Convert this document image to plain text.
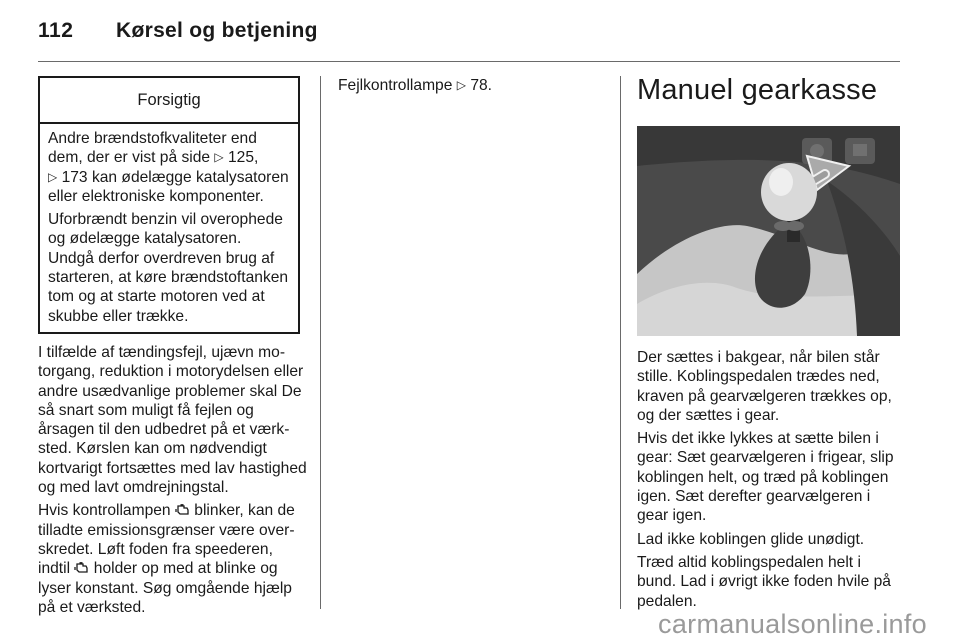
112 Kørsel og betjening
Forsigtig

Andre brændstofkvaliteter end dem, der er vist på side ▷ 125,
▷ 173 kan ødelægge katalysatoren eller elektroniske komponenter.

Uforbrændt benzin vil overophede og ødelægge katalysatoren. Undgå derfor overdreven brug af starteren, at køre brændstoftanken tom og at starte motoren ved at skubbe eller trække.

I tilfælde af tændingsfejl, ujævn motorgang, reduktion i motorydelsen eller andre usædvanlige problemer skal De så snart som muligt få fejlen og årsagen til den udbedret på et værksted. Kørslen kan om nødvendigt kortvarigt fortsættes med lav hastighed og med lavt omdrejningstal.

Hvis kontrollampen blinker, kan de tilladte emissionsgrænser være overskredet. Løft foden fra speederen, indtil holder op med at blinke og lyser konstant. Søg omgående hjælp på et værksted.

Fejlkontrollampe ▷ 78.	Manuel gearkasse

Der sættes i bakgear, når bilen står stille. Koblingspedalen trædes ned, kraven på gearvælgeren trækkes op, og der sættes i gear.

Hvis det ikke lykkes at sætte bilen i gear: Sæt gearvælgeren i frigear, slip koblingen helt, og træd på koblingen igen. Sæt derefter gearvælgeren i gear igen.

Lad ikke koblingen glide unødigt.

Træd altid koblingspedalen helt i bund. Lad i øvrigt ikke foden hvile på pedalen.

carmanualsonline.info
